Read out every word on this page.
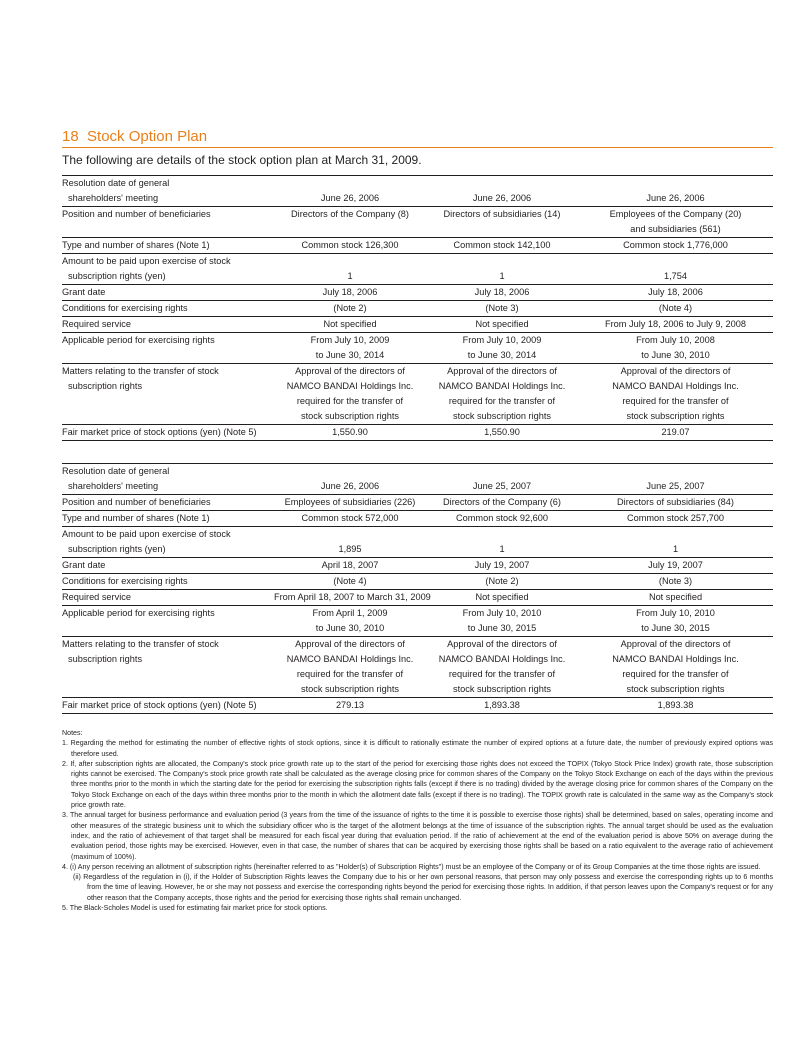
18 Stock Option Plan
The following are details of the stock option plan at March 31, 2009.
Resolution date of general			
shareholders' meeting	June 26, 2006	June 26, 2006	June 26, 2006
Position and number of beneficiaries	Directors of the Company (8)	Directors of subsidiaries (14)	Employees of the Company (20)
			and subsidiaries (561)
Type and number of shares (Note 1)	Common stock 126,300	Common stock 142,100	Common stock 1,776,000
Amount to be paid upon exercise of stock			
subscription rights (yen)	1	1	1,754
Grant date	July 18, 2006	July 18, 2006	July 18, 2006
Conditions for exercising rights	(Note 2)	(Note 3)	(Note 4)
Required service	Not specified	Not specified	From July 18, 2006 to July 9, 2008
Applicable period for exercising rights	From July 10, 2009	From July 10, 2009	From July 10, 2008
	to June 30, 2014	to June 30, 2014	to June 30, 2010
Matters relating to the transfer of stock	Approval of the directors of	Approval of the directors of	Approval of the directors of
subscription rights	NAMCO BANDAI Holdings Inc.	NAMCO BANDAI Holdings Inc.	NAMCO BANDAI Holdings Inc.
	required for the transfer of	required for the transfer of	required for the transfer of
	stock subscription rights	stock subscription rights	stock subscription rights
Fair market price of stock options (yen) (Note 5)	1,550.90	1,550.90	219.07
Resolution date of general			
shareholders' meeting	June 26, 2006	June 25, 2007	June 25, 2007
Position and number of beneficiaries	Employees of subsidiaries (226)	Directors of the Company (6)	Directors of subsidiaries (84)
Type and number of shares (Note 1)	Common stock 572,000	Common stock 92,600	Common stock 257,700
Amount to be paid upon exercise of stock			
subscription rights (yen)	1,895	1	1
Grant date	April 18, 2007	July 19, 2007	July 19, 2007
Conditions for exercising rights	(Note 4)	(Note 2)	(Note 3)
Required service	From April 18, 2007 to March 31, 2009	Not specified	Not specified
Applicable period for exercising rights	From April 1, 2009	From July 10, 2010	From July 10, 2010
	to June 30, 2010	to June 30, 2015	to June 30, 2015
Matters relating to the transfer of stock	Approval of the directors of	Approval of the directors of	Approval of the directors of
subscription rights	NAMCO BANDAI Holdings Inc.	NAMCO BANDAI Holdings Inc.	NAMCO BANDAI Holdings Inc.
	required for the transfer of	required for the transfer of	required for the transfer of
	stock subscription rights	stock subscription rights	stock subscription rights
Fair market price of stock options (yen) (Note 5)	279.13	1,893.38	1,893.38

Notes:

1. Regarding the method for estimating the number of effective rights of stock options, since it is difficult to rationally estimate the number of expired options at a future date, the number of previously expired options was therefore used.

2. If, after subscription rights are allocated, the Company's stock price growth rate up to the start of the period for exercising those rights does not exceed the TOPIX (Tokyo Stock Price Index) growth rate, those subscription rights cannot be exercised. The Company's stock price growth rate shall be calculated as the average closing price for common shares of the Company on the Tokyo Stock Exchange on each of the days within the previous three months prior to the month in which the starting date for the period for exercising the subscription rights falls (except if there is no trading) divided by the average closing price for common shares of the Company on the Tokyo Stock Exchange on each of the days within three months prior to the month in which the allotment date falls (except if there is no trading). The TOPIX growth rate is calculated in the same way as the Company's stock price growth rate.

3. The annual target for business performance and evaluation period (3 years from the time of the issuance of rights to the time it is possible to exercise those rights) shall be determined, based on sales, operating income and other measures of the strategic business unit to which the subsidiary officer who is the target of the allotment belongs at the time of issuance of the subscription rights. The annual target should be used as the evaluation index, and the ratio of achievement of that target shall be measured for each fiscal year during that evaluation period. If the ratio of achievement at the end of the evaluation period is above 50% on average during the evaluation period, those rights may be exercised. However, even in that case, the number of shares that can be acquired by exercising those rights shall be based on a ratio equivalent to the average ratio of achievement (maximum of 100%).

4. (i) Any person receiving an allotment of subscription rights (hereinafter referred to as "Holder(s) of Subscription Rights") must be an employee of the Company or of its Group Companies at the time those rights are issued.

(ii) Regardless of the regulation in (i), if the Holder of Subscription Rights leaves the Company due to his or her own personal reasons, that person may only possess and exercise the corresponding rights up to 6 months from the time of leaving. However, he or she may not possess and exercise the corresponding rights beyond the period for exercising those rights. In addition, if that person leaves upon the Company's request or for any other reason that the Company accepts, those rights and the period for exercising those rights shall remain unchanged.

5. The Black-Scholes Model is used for estimating fair market price for stock options.
